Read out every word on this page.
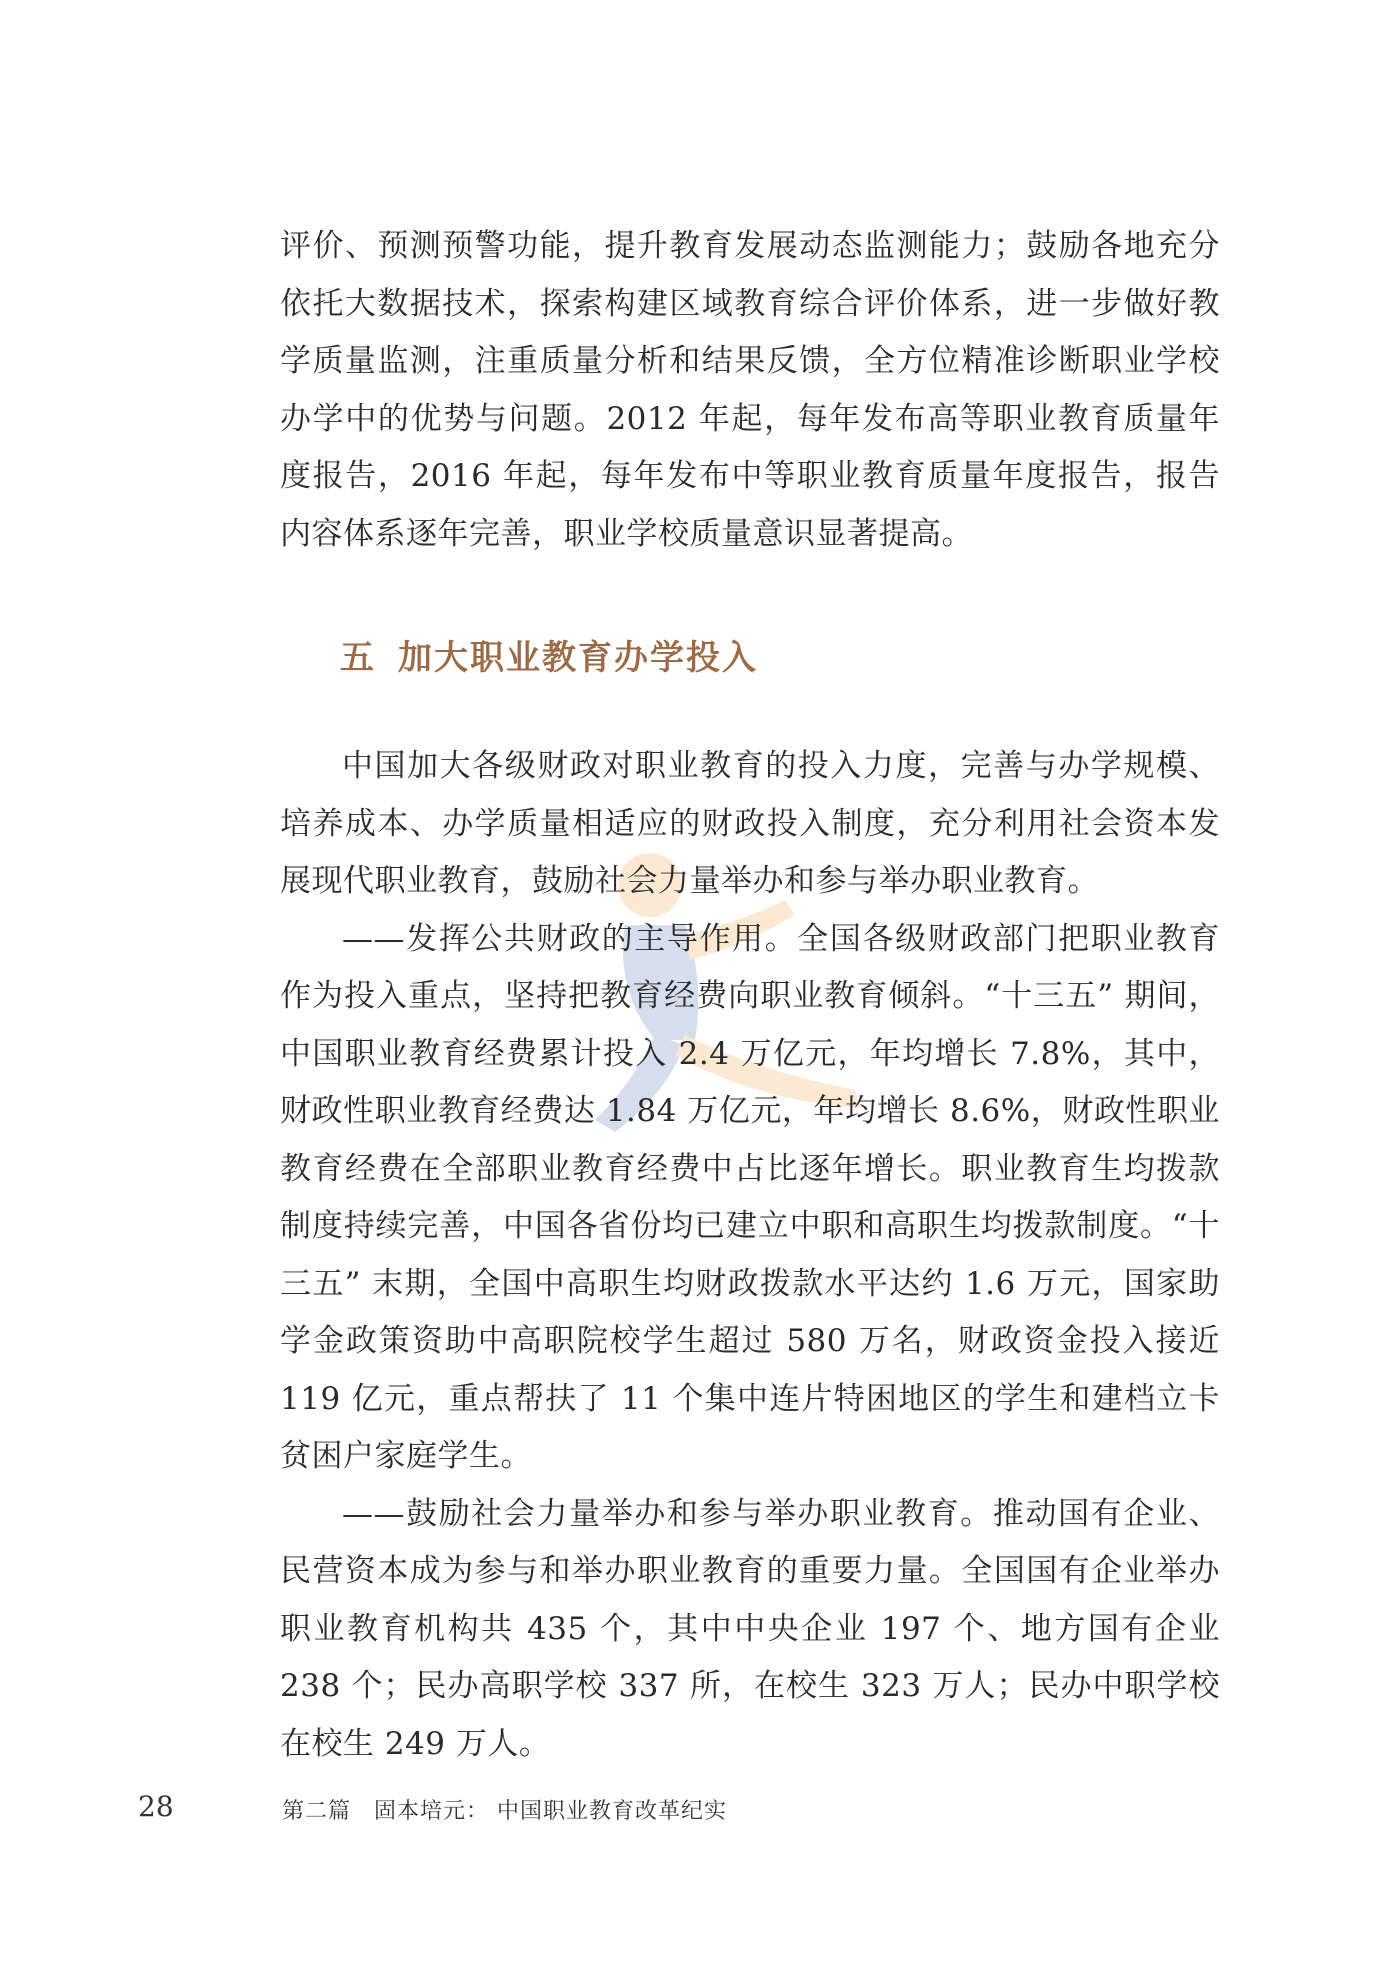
评价、预测预警功能，提升教育发展动态监测能力；鼓励各地充分依托大数据技术，探索构建区域教育综合评价体系，进一步做好教学质量监测，注重质量分析和结果反馈，全方位精准诊断职业学校办学中的优势与问题。2012 年起，每年发布高等职业教育质量年度报告，2016 年起，每年发布中等职业教育质量年度报告，报告内容体系逐年完善，职业学校质量意识显著提高。

五 加大职业教育办学投入

中国加大各级财政对职业教育的投入力度，完善与办学规模、培养成本、办学质量相适应的财政投入制度，充分利用社会资本发展现代职业教育，鼓励社会力量举办和参与举办职业教育。

——发挥公共财政的主导作用。全国各级财政部门把职业教育作为投入重点，坚持把教育经费向职业教育倾斜。“十三五” 期间，中国职业教育经费累计投入 2.4 万亿元，年均增长 7.8%，其中，财政性职业教育经费达 1.84 万亿元，年均增长 8.6%，财政性职业教育经费在全部职业教育经费中占比逐年增长。职业教育生均拨款制度持续完善，中国各省份均已建立中职和高职生均拨款制度。“十三五” 末期，全国中高职生均财政拨款水平达约 1.6 万元，国家助学金政策资助中高职院校学生超过 580 万名，财政资金投入接近 119 亿元，重点帮扶了 11 个集中连片特困地区的学生和建档立卡贫困户家庭学生。

——鼓励社会力量举办和参与举办职业教育。推动国有企业、民营资本成为参与和举办职业教育的重要力量。全国国有企业举办职业教育机构共 435 个，其中中央企业 197 个、地方国有企业 238 个；民办高职学校 337 所，在校生 323 万人；民办中职学校在校生 249 万人。

28	第二篇　固本培元： 中国职业教育改革纪实
